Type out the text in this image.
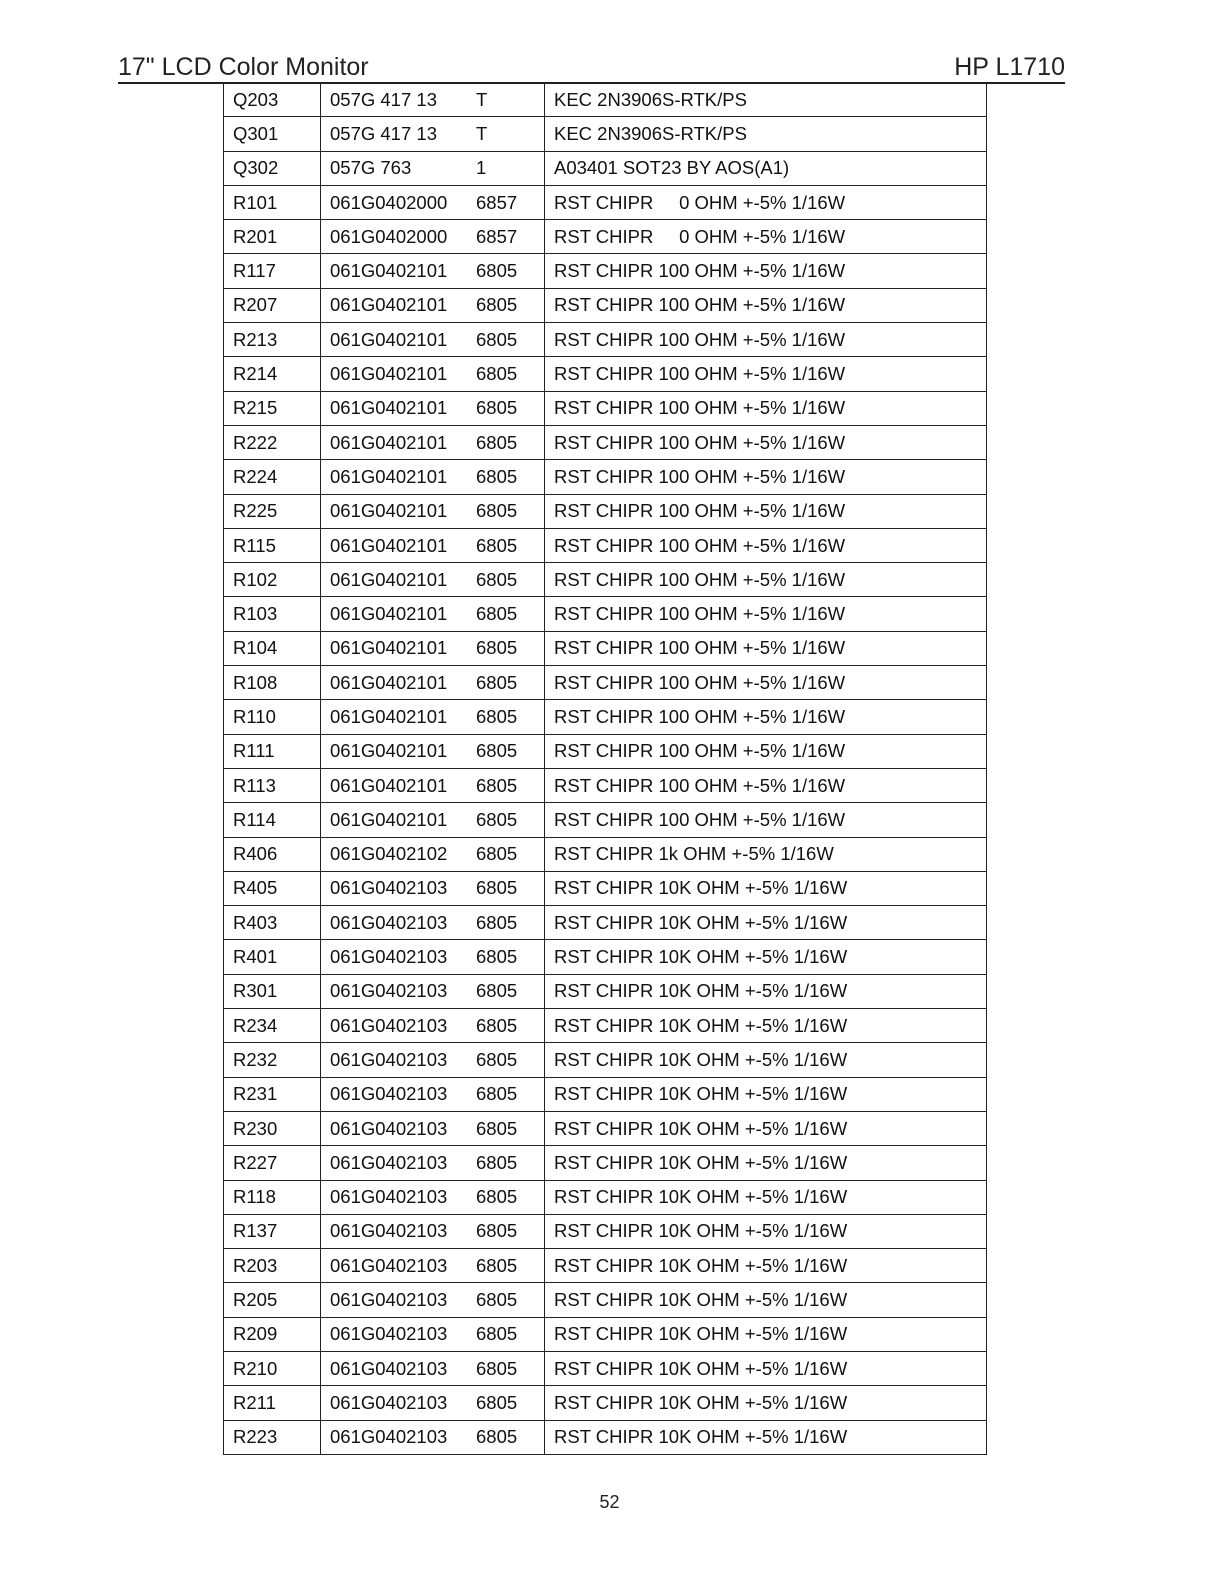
17" LCD Color Monitor	HP L1710
Q203	057G 417 13 T	KEC 2N3906S-RTK/PS
Q301	057G 417 13 T	KEC 2N3906S-RTK/PS
Q302	057G 763 1	A03401 SOT23 BY AOS(A1)
R101	061G0402000 6857	RST CHIPR     0 OHM +-5% 1/16W
R201	061G0402000 6857	RST CHIPR     0 OHM +-5% 1/16W
R117	061G0402101 6805	RST CHIPR 100 OHM +-5% 1/16W
R207	061G0402101 6805	RST CHIPR 100 OHM +-5% 1/16W
R213	061G0402101 6805	RST CHIPR 100 OHM +-5% 1/16W
R214	061G0402101 6805	RST CHIPR 100 OHM +-5% 1/16W
R215	061G0402101 6805	RST CHIPR 100 OHM +-5% 1/16W
R222	061G0402101 6805	RST CHIPR 100 OHM +-5% 1/16W
R224	061G0402101 6805	RST CHIPR 100 OHM +-5% 1/16W
R225	061G0402101 6805	RST CHIPR 100 OHM +-5% 1/16W
R115	061G0402101 6805	RST CHIPR 100 OHM +-5% 1/16W
R102	061G0402101 6805	RST CHIPR 100 OHM +-5% 1/16W
R103	061G0402101 6805	RST CHIPR 100 OHM +-5% 1/16W
R104	061G0402101 6805	RST CHIPR 100 OHM +-5% 1/16W
R108	061G0402101 6805	RST CHIPR 100 OHM +-5% 1/16W
R110	061G0402101 6805	RST CHIPR 100 OHM +-5% 1/16W
R111	061G0402101 6805	RST CHIPR 100 OHM +-5% 1/16W
R113	061G0402101 6805	RST CHIPR 100 OHM +-5% 1/16W
R114	061G0402101 6805	RST CHIPR 100 OHM +-5% 1/16W
R406	061G0402102 6805	RST CHIPR 1k OHM +-5% 1/16W
R405	061G0402103 6805	RST CHIPR 10K OHM +-5% 1/16W
R403	061G0402103 6805	RST CHIPR 10K OHM +-5% 1/16W
R401	061G0402103 6805	RST CHIPR 10K OHM +-5% 1/16W
R301	061G0402103 6805	RST CHIPR 10K OHM +-5% 1/16W
R234	061G0402103 6805	RST CHIPR 10K OHM +-5% 1/16W
R232	061G0402103 6805	RST CHIPR 10K OHM +-5% 1/16W
R231	061G0402103 6805	RST CHIPR 10K OHM +-5% 1/16W
R230	061G0402103 6805	RST CHIPR 10K OHM +-5% 1/16W
R227	061G0402103 6805	RST CHIPR 10K OHM +-5% 1/16W
R118	061G0402103 6805	RST CHIPR 10K OHM +-5% 1/16W
R137	061G0402103 6805	RST CHIPR 10K OHM +-5% 1/16W
R203	061G0402103 6805	RST CHIPR 10K OHM +-5% 1/16W
R205	061G0402103 6805	RST CHIPR 10K OHM +-5% 1/16W
R209	061G0402103 6805	RST CHIPR 10K OHM +-5% 1/16W
R210	061G0402103 6805	RST CHIPR 10K OHM +-5% 1/16W
R211	061G0402103 6805	RST CHIPR 10K OHM +-5% 1/16W
R223	061G0402103 6805	RST CHIPR 10K OHM +-5% 1/16W
52
